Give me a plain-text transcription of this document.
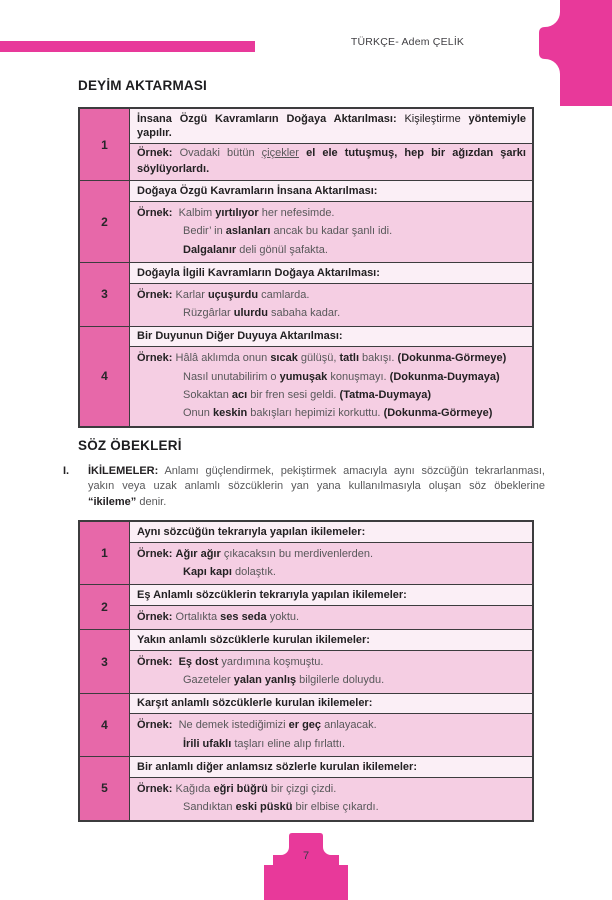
TÜRKÇE- Adem ÇELİK
DEYİM AKTARMASI
1
İnsana Özgü Kavramların Doğaya Aktarılması: Kişileştirme yöntemiyle yapılır.
Örnek: Ovadaki bütün çiçekler el ele tutuşmuş, hep bir ağızdan şarkı söylüyorlardı.
2
Doğaya Özgü Kavramların İnsana Aktarılması:
Örnek:  Kalbim yırtılıyor her nefesimde.
Bedir’ in aslanları ancak bu kadar şanlı idi.
Dalgalanır deli gönül şafakta.
3
Doğayla İlgili Kavramların Doğaya Aktarılması:
Örnek: Karlar uçuşurdu camlarda.
Rüzgârlar ulurdu sabaha kadar.
4
Bir Duyunun Diğer Duyuya Aktarılması:
Örnek: Hâlâ aklımda onun sıcak gülüşü, tatlı bakışı. (Dokunma-Görmeye)
Nasıl unutabilirim o yumuşak konuşmayı. (Dokunma-Duymaya)
Sokaktan acı bir fren sesi geldi. (Tatma-Duymaya)
Onun keskin bakışları hepimizi korkuttu. (Dokunma-Görmeye)
SÖZ ÖBEKLERİ
I.	İKİLEMELER: Anlamı güçlendirmek, pekiştirmek amacıyla aynı sözcüğün tekrarlanması, yakın veya uzak anlamlı sözcüklerin yan yana kullanılmasıyla oluşan söz öbeklerine “ikileme” denir.
1
Aynı sözcüğün tekrarıyla yapılan ikilemeler:
Örnek: Ağır ağır çıkacaksın bu merdivenlerden.
Kapı kapı dolaştık.
2
Eş Anlamlı sözcüklerin tekrarıyla yapılan ikilemeler:
Örnek: Ortalıkta ses seda yoktu.
3
Yakın anlamlı sözcüklerle kurulan ikilemeler:
Örnek: Eş dost yardımına koşmuştu.
Gazeteler yalan yanlış bilgilerle doluydu.
4
Karşıt anlamlı sözcüklerle kurulan ikilemeler:
Örnek:  Ne demek istediğimizi er geç anlayacak.
İrili ufaklı taşları eline alıp fırlattı.
5
Bir anlamlı diğer anlamsız sözlerle kurulan ikilemeler:
Örnek: Kağıda eğri büğrü bir çizgi çizdi.
Sandıktan eski püskü bir elbise çıkardı.
7
